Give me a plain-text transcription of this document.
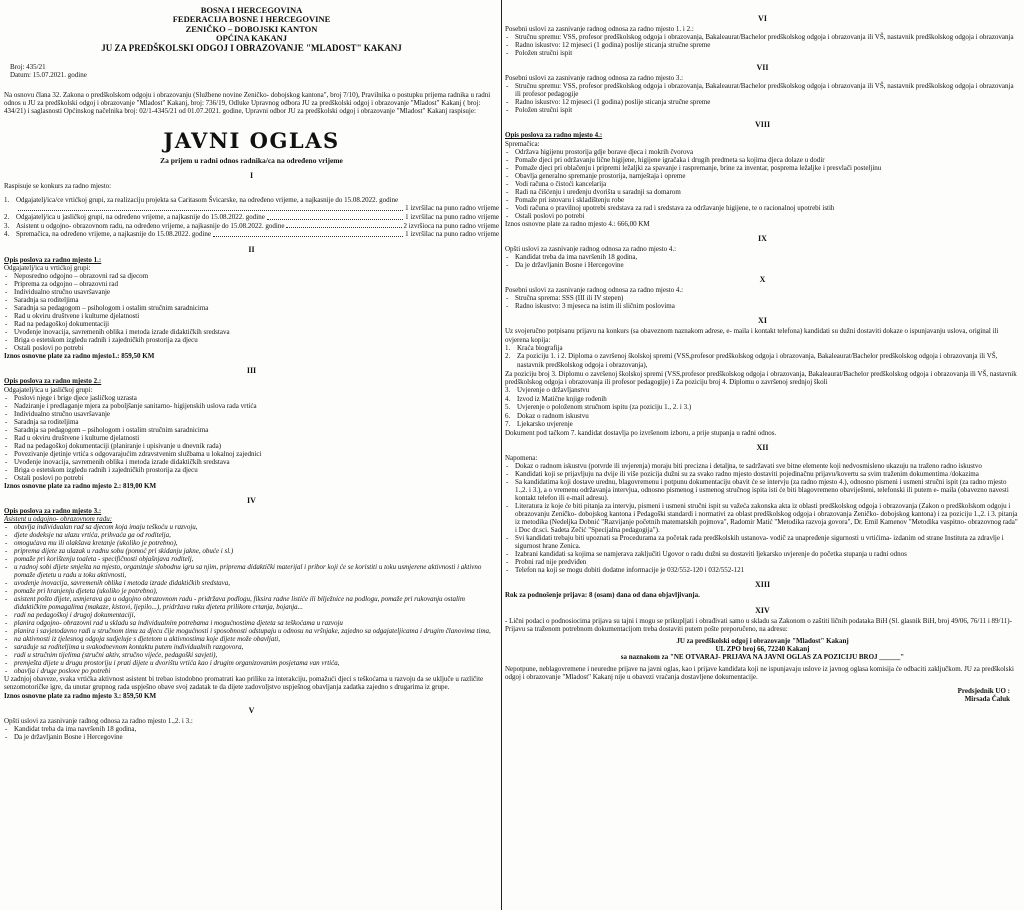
BOSNA I HERCEGOVINA
FEDERACIJA BOSNE I HERCEGOVINE
ZENIČKO – DOBOJSKI KANTON
OPĆINA KAKANJ
JU ZA PREDŠKOLSKI ODGOJ I OBRAZOVANJE "MLADOST" KAKANJ
Broj: 435/21
Datum: 15.07.2021. godine
Na osnovu člana 32. Zakona o predškolskom odgoju i obrazovanju (Službene novine Zeničko- dobojskog kantona", broj 7/10), Pravilnika o postupku prijema radnika u radni odnos u JU za predškolski odgoj i obrazovanje "Mladost" Kakanj, broj: 736/19, Odluke Upravnog odbora JU za predškolski odgoj i obrazovanje "Mladost" Kakanj ( broj: 434/21) i saglasnosti Općinskog načelnika broj: 02/1-4345/21 od 01.07.2021. godine, Upravni odbor JU za predškolski odgoj i obrazovanje "Mladost" Kakanj raspisuje:
JAVNI OGLAS
Za prijem u radni odnos radnika/ca na određeno vrijeme
I
Raspisuje se konkurs za radno mjesto:
1. Odgajatelj/ica/ce vrtićkoj grupi, za realizaciju projekta sa Caritasom Švicarske, na određeno vrijeme, a najkasnije do 15.08.2022. godine
1 izvršilac na puno radno vrijeme
2. Odgajatelj/ica u jasličkoj grupi, na određeno vrijeme, a najkasnije do 15.08.2022. godine	1 izvršilac na puno radno vrijeme
3. Asistent u odgojno- obrazovnom radu, na određeno vrijeme, a najkasnije do 15.08.2022. godine	2 izvršioca na puno radno vrijeme
4. Spremačica, na određeno vrijeme, a najkasnije do 15.08.2022. godine	1 izvršilac na puno radno vrijeme
II
Opis poslova za radno mjesto 1.:
Odgajatelj/ica u vrtićkoj grupi:
- Neposredno odgojno – obrazovni rad sa djecom
- Priprema za odgojno – obrazovni rad
- Individualno stručno usavršavanje
- Saradnja sa roditeljima
- Saradnja sa pedagogom – psihologom i ostalim stručnim saradnicima
- Rad u okviru društvene i kulturne djelatnosti
- Rad na pedagoškoj dokumentaciji
- Uvođenje inovacija, savremenih oblika i metoda izrade didaktičkih sredstava
- Briga o estetskom izgledu radnih i zajedničkih prostorija za djecu
- Ostali poslovi po potrebi
Iznos osnovne plate za radno mjesto1.: 859,50 KM
III
Opis poslova za radno mjesto 2.:
Odgajatelj/ica u jasličkoj grupi:
- Poslovi njege i brige djece jasličkog uzrasta
- Nadziranje i predlaganje mjera za poboljšanje sanitarno- higijenskih uslova rada vrtića
- Individualno stručno usavršavanje
- Saradnja sa roditeljima
- Saradnja sa pedagogom – psihologom i ostalim stručnim saradnicima
- Rad u okviru društvene i kulturne djelatnosti
- Rad na pedagoškoj dokumentaciji (planiranje i upisivanje u dnevnik rada)
- Povezivanje djetinje vrtića s odgovarajućim zdravstvenim službama u lokalnoj zajednici
- Uvođenje inovacija, savremenih oblika i metoda izrade didaktičkih sredstava
- Briga o estetskom izgledu radnih i zajedničkih prostorija za djecu
- Ostali poslovi po potrebi
Iznos osnovne plate za radno mjesto 2.: 819,00 KM
IV
Opis poslova za radno mjesto 3.:
Asistent u odgojno- obrazovnom radu:
- obavlja individualan rad sa djecom koja imaju teškoću u razvoju,
- djete dodeksje na ulazu vrtića, prihvaća ga od roditelja,
- omogućava mu ili olakšava kretanje (ukoliko je potrebno),
- pripremа dijete za ulazak u radnu sobu (pomoć pri skidanju jakne, obuće i sl.)
- pomaže pri korištenju toaleta - specifičnosti objašnjava roditelj,
- u radnoj sobi dijete smješta na mjesto, organizuje slobodnu igru sa njim, priprema didaktički materijal i pribor koji će se koristiti u toku usmjerene aktivnosti i aktivno pomaže djetetu u radu u toku aktivnosti,
- uvodenje inovacija, savremenih oblika i metoda izrade didaktičkih sredstava,
- pomaže pri hranjenju djeteta (ukoliko je potrebno),
- asistent pošto dijete, usmjerava ga u odgojno obrazovnom radu - pridržava podlogu, fiksira radne listiće ili bilježnice na podlogu, pomaže pri rukovanju ostalim didaktičkim pomagalima (makaze, kistovi, ljepilo...), pridržava ruku djeteta prilikom crtanja, bojanja...
- radi na pedagoškoj i drugoj dokumentaciji,
- planira odgojno- obrazovni rad u skladu sa individualnim potrebama i mogućnostima djeteta sa teškoćama u razvoju
- planira i savjetodavno radi u stručnom timu za djecu čije mogućnosti i sposobnosti odstupaju u odnosu na vršnjake, zajedno sa odgajateljicama i drugim članovima tima,
- na aktivnosti iz tjelesnog odgoja sudjeluje s djetetom u aktivnostima koje dijete može obavljati,
- sarađuje sa roditeljima u svakodnevnom kontaktu putem individualnih razgovora,
- radi u stručnim tijelima (stručni aktiv, stručno vijeće, pedagoški savjeti),
- premješta dijete u drugu prostoriju i prati dijete u dvorištu vrtića kao i drugim organizovanim posjetama van vrtića,
- obavlja i druge poslove po potrebi
U zadnjoj obaveze, svaka vrtićka aktivnost asistent bi trebao istodobno promatrati kao priliku za interakciju, pomažući djeci s teškoćama u razvoju da se uključe u različite senzomotoričke igre, da unutar grupnog rada uspješno obave svoj zadatak te da dijete zadovoljstvo uspješnog obavljanja zadatka zajedno s drugarima iz grupe.
Iznos osnovne plate za radno mjesto 3.: 859,50 KM
V
Opšti uslovi za zasnivanje radnog odnosa za radno mjesto 1.,2. i 3.:
- Kandidat treba da ima navršenih 18 godina,
- Da je državljanin Bosne i Hercegovine
VI
Posebni uslovi za zasnivanje radnog odnosa za radno mjesto 1. i 2.:
- Stručnu spremu: VSS, profesor predškolskog odgoja i obrazovanja, Bakaleaurat/Bachelor predškolskog odgoja i obrazovanja ili VŠ, nastavnik predškolskog odgoja i obrazovanja
- Radno iskustvo: 12 mjeseci (1 godina) poslije sticanja stručne spreme
- Položen stručni ispit
VII
Posebni uslovi za zasnivanje radnog odnosa za radno mjesto 3.:
- Stručnu spremu: VSS, profesor predškolskog odgoja i obrazovanja, Bakaleaurat/Bachelor predškolskog odgoja i obrazovanja ili VŠ, nastavnik predškolskog odgoja i obrazovanja ili profesor pedagogije
- Radno iskustvo: 12 mjeseci (1 godina) poslije sticanja stručne spreme
- Položen stručni ispit
VIII
Opis poslova za radno mjesto 4.:
Spremačica:
- Održava higijenu prostorija gdje borave djeca i mokrih čvorova
- Pomaže djeci pri održavanju lične higijene, higijene igračaka i drugih predmeta sa kojima djeca dolaze u dodir
- Pomaže djeci pri oblačenju i pripremi ležaljki za spavanje i raspremanje, brine za inventar, posprema ležaljke i presvlači posteljinu
- Obavlja generalno spremanje prostorija, namještaja i opreme
- Vodi računa o čistoći kancelarija
- Radi na čišćenju i uređenju dvorišta u saradnji sa domarom
- Pomaže pri istovaru i skladištenju robe
- Vodi računa o pravilnoj upotrebi sredstava za rad i sredstava za održavanje higijene, te o racionalnoj upotrebi istih
- Ostali poslovi po potrebi
Iznos osnovne plate za radno mjesto 4.: 666,00 KM
IX
Opšti uslovi za zasnivanje radnog odnosa za radno mjesto 4.:
- Kandidat treba da ima navršenih 18 godina,
- Da je državljanin Bosne i Hercegovine
X
Posebni uslovi za zasnivanje radnog odnosa za radno mjesto 4.:
- Stručna sprema: SSS (III ili IV stepen)
- Radno iskustvo: 3 mjeseca na istim ili sličnim poslovima
XI
Uz svojeručno potpisanu prijavu na konkurs (sa obaveznom naznakom adrese, e- maila i kontakt telefona) kandidati su dužni dostaviti dokaze o ispunjavanju uslova, original ili ovjerena kopija:
1. Kraća biografija
2. Za poziciju 1. i 2. Diploma o završenoj školskoj spremi (VSS,profesor predškolskog odgoja i obrazovanja, Bakaleaurat/Bachelor predškolskog odgoja i obrazovanja ili VŠ, nastavnik predškolskog odgoja i obrazovanja),
Za poziciju broj 3. Diplomu o završenoj školskoj spremi (VSS,profesor predškolskog odgoja i obrazovanja, Bakaleaurat/Bachelor predškolskog odgoja i obrazovanja ili VŠ, nastavnik predškolskog odgoja i obrazovanja ili profesor pedagogije) i Za poziciju broj 4. Diplomu o završenoj srednjoj školi
3. Uvjerenje o državljanstvu
4. Izvod iz Matične knjige rođenih
5. Uvjerenje o položenom stručnom ispitu (za poziciju 1., 2. i 3.)
6. Dokaz o radnom iskustvu
7. Ljekarsko uvjerenje
Dokument pod tačkom 7. kandidat dostavlja po izvršenom izboru, a prije stupanja u radni odnos.
XII
Napomena:
- Dokaz o radnom iskustvu (potvrde ili uvjerenja) moraju biti precizna i detaljna, te sadržavati sve bitne elemente koji nedvosmisleno ukazuju na traženo radno iskustvo
- Kandidati koji se prijavljuju na dvije ili više pozicija dužni su za svako radno mjesto dostaviti pojedinačnu prijavu/kovertu sa svim traženim dokumentima /dokazima
- Sa kandidatima koji dostave urednu, blagovremenu i potpunu dokumentaciju obavit će se intervju (za radno mjesto 4.), odnosno pismeni i usmeni stručni ispit (za radno mjesto 1.,2. i 3.), a o vremenu održavanja intervjua, odnosno pismenog i usmenog stručnog ispita isti će biti blagovremeno obaviješteni, telefonski ili putem e- maila (obavezno navesti kontakt telefon ili e-mail adresu).
- Literatura iz koje će biti pitanja za intervju, pismeni i usmeni stručni ispit su važeća zakonska akta iz oblasti predškolskog odgoja i obrazovanja (Zakon o predškolskom odgoju i obrazovanju Zeničko- dobojskog kantona i Pedagoški standardi i normativi za oblast predškolskog odgoja i obrazovanja Zeničko- dobojskog kantona) i za poziciju 1.,2. i 3. pitanja iz metodika (Nedeljka Dobnić "Razvijanje početnih matematskih pojmova", Radomir Matić "Metodika razvoja govora", Dr. Emil Kamenov "Metodika vaspitno- obrazovnog rada" i Doc dr.sci. Sadeta Zečić "Specijalna pedagogija").
- Svi kandidati trebaju biti upoznati sa Procedurama za početak rada predškolskih ustanova- vodič za unapređenje sigurnosti u vrtićima- izdanim od strane Instituta za zdravlje i sigurnost hrane Zenica.
- Izabrani kandidati sa kojima se namjerava zaključiti Ugovor o radu dužni su dostaviti ljekarsko uvjerenje do početka stupanja u radni odnos
- Probni rad nije predviđen
- Telefon na koji se mogu dobiti dodatne informacije je 032/552-120 i 032/552-121
XIII
Rok za podnošenje prijava: 8 (osam) dana od dana objavljivanja.
XIV
- Lični podaci o podnosiocima prijava su tajni i mogu se prikupljati i obrađivati samo u skladu sa Zakonom o zaštiti ličnih podataka BiH (Sl. glasnik BiH, broj 49/06, 76/11 i 89/11)- Prijavu sa traženom potrebnom dokumentacijom treba dostaviti putem pošte preporučeno, na adresu:
JU za predškolski odgoj i obrazovanje "Mladost" Kakanj
UL ZPO broj 66, 72240 Kakanj
sa naznakom za "NE OTVARAJ- PRIJAVA NA JAVNI OGLAS ZA POZICIJU BROJ ______"
Nepotpune, neblagovremene i neuredne prijave na javni oglas, kao i prijave kandidata koji ne ispunjavaju uslove iz javnog oglasa komisija će odbaciti zaključkom. JU za predškolski odgoj i obrazovanje "Mladost" Kakanj nije u obavezi vraćanja dostavljene dokumentacije.
Predsjednik UO :
Mirsada Čaluk
